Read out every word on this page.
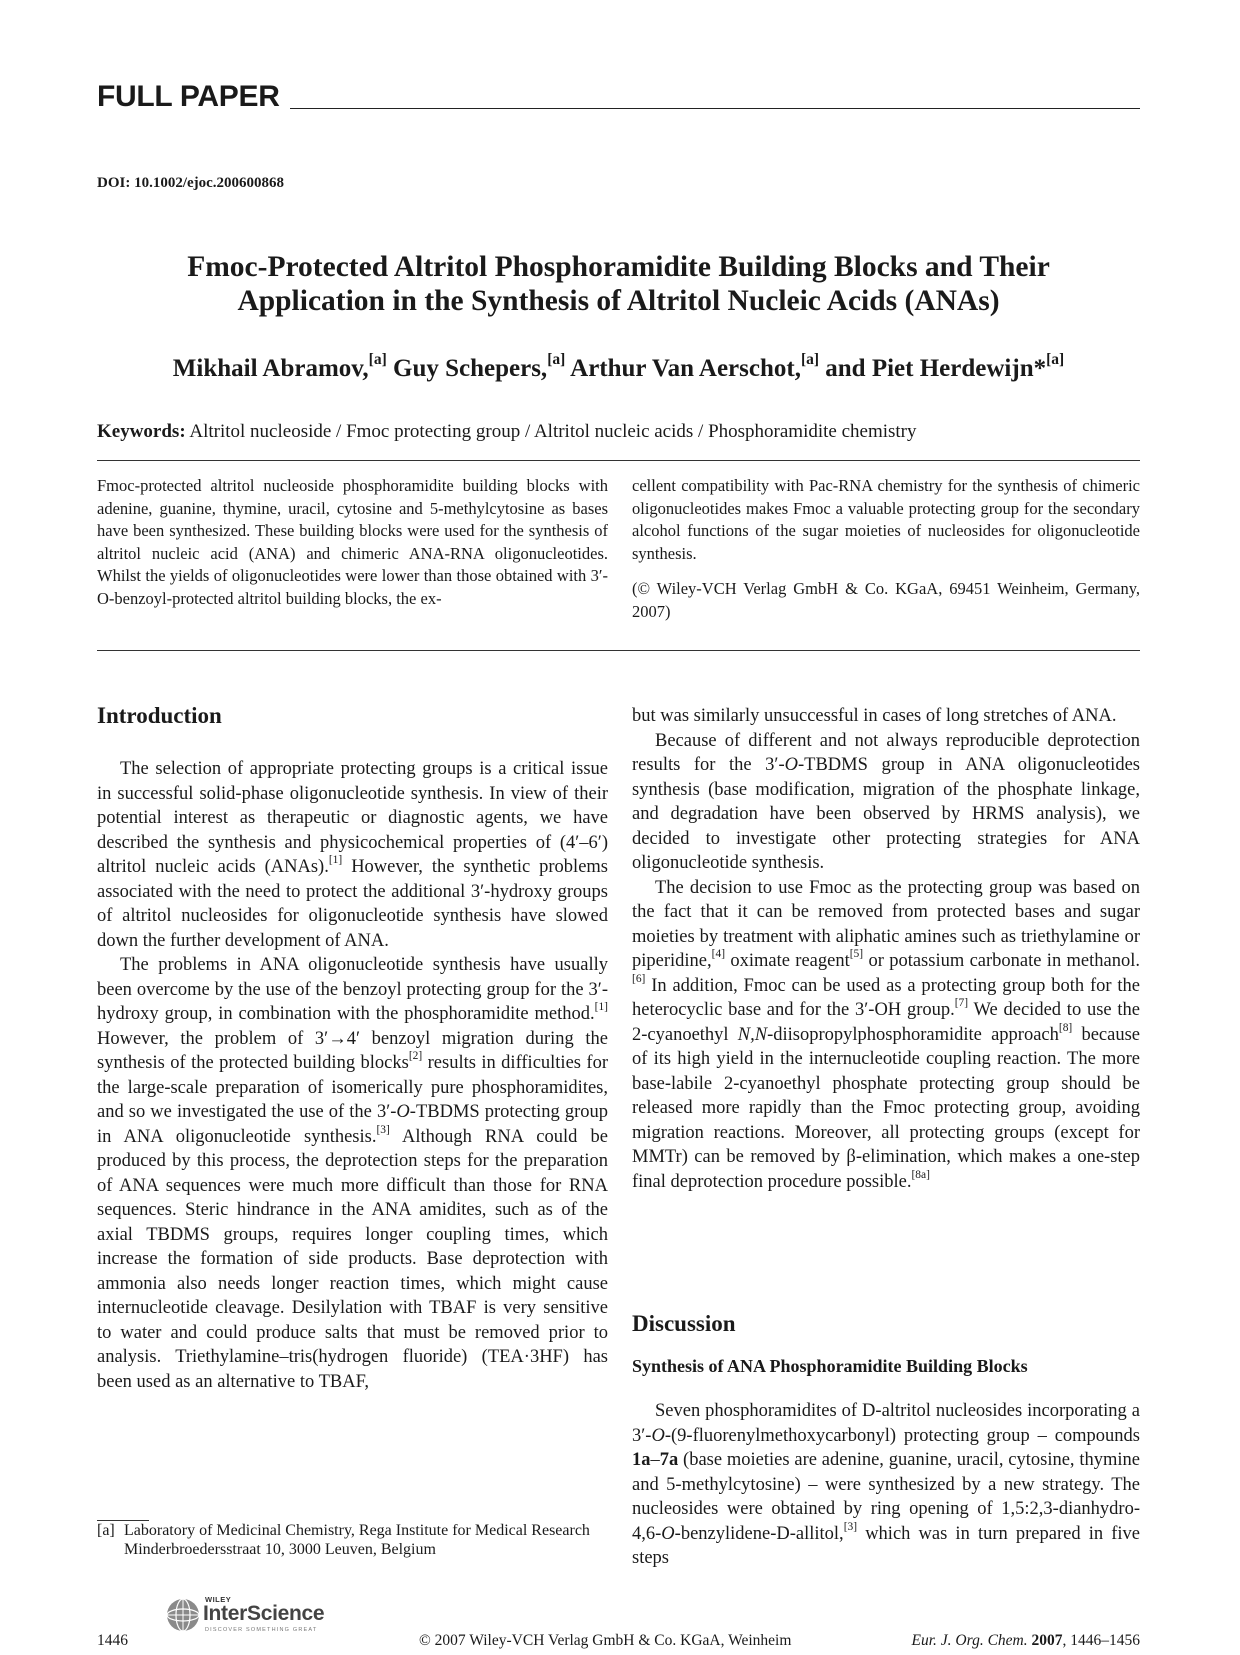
FULL PAPER
DOI: 10.1002/ejoc.200600868
Fmoc-Protected Altritol Phosphoramidite Building Blocks and Their
Application in the Synthesis of Altritol Nucleic Acids (ANAs)
Mikhail Abramov,[a] Guy Schepers,[a] Arthur Van Aerschot,[a] and Piet Herdewijn*[a]
Keywords: Altritol nucleoside / Fmoc protecting group / Altritol nucleic acids / Phosphoramidite chemistry
Fmoc-protected altritol nucleoside phosphoramidite building blocks with adenine, guanine, thymine, uracil, cytosine and 5-methylcytosine as bases have been synthesized. These building blocks were used for the synthesis of altritol nucleic acid (ANA) and chimeric ANA-RNA oligonucleotides. Whilst the yields of oligonucleotides were lower than those obtained with 3′-O-benzoyl-protected altritol building blocks, the ex-

cellent compatibility with Pac-RNA chemistry for the synthesis of chimeric oligonucleotides makes Fmoc a valuable protecting group for the secondary alcohol functions of the sugar moieties of nucleosides for oligonucleotide synthesis.

(© Wiley-VCH Verlag GmbH & Co. KGaA, 69451 Weinheim, Germany, 2007)

Introduction

The selection of appropriate protecting groups is a critical issue in successful solid-phase oligonucleotide synthesis. In view of their potential interest as therapeutic or diagnostic agents, we have described the synthesis and physicochemical properties of (4′–6′) altritol nucleic acids (ANAs).[1] However, the synthetic problems associated with the need to protect the additional 3′-hydroxy groups of altritol nucleosides for oligonucleotide synthesis have slowed down the further development of ANA.

The problems in ANA oligonucleotide synthesis have usually been overcome by the use of the benzoyl protecting group for the 3′-hydroxy group, in combination with the phosphoramidite method.[1] However, the problem of 3′→4′ benzoyl migration during the synthesis of the protected building blocks[2] results in difficulties for the large-scale preparation of isomerically pure phosphoramidites, and so we investigated the use of the 3′-O-TBDMS protecting group in ANA oligonucleotide synthesis.[3] Although RNA could be produced by this process, the deprotection steps for the preparation of ANA sequences were much more difficult than those for RNA sequences. Steric hindrance in the ANA amidites, such as of the axial TBDMS groups, requires longer coupling times, which increase the formation of side products. Base deprotection with ammonia also needs longer reaction times, which might cause internucleotide cleavage. Desilylation with TBAF is very sensitive to water and could produce salts that must be removed prior to analysis. Triethylamine–tris(hydrogen fluoride) (TEA·3HF) has been used as an alternative to TBAF,

but was similarly unsuccessful in cases of long stretches of ANA.

Because of different and not always reproducible deprotection results for the 3′-O-TBDMS group in ANA oligonucleotides synthesis (base modification, migration of the phosphate linkage, and degradation have been observed by HRMS analysis), we decided to investigate other protecting strategies for ANA oligonucleotide synthesis.

The decision to use Fmoc as the protecting group was based on the fact that it can be removed from protected bases and sugar moieties by treatment with aliphatic amines such as triethylamine or piperidine,[4] oximate reagent[5] or potassium carbonate in methanol.[6] In addition, Fmoc can be used as a protecting group both for the heterocyclic base and for the 3′-OH group.[7] We decided to use the 2-cyanoethyl N,N-diisopropylphosphoramidite approach[8] because of its high yield in the internucleotide coupling reaction. The more base-labile 2-cyanoethyl phosphate protecting group should be released more rapidly than the Fmoc protecting group, avoiding migration reactions. Moreover, all protecting groups (except for MMTr) can be removed by β-elimination, which makes a one-step final deprotection procedure possible.[8a]

Discussion
Synthesis of ANA Phosphoramidite Building Blocks

Seven phosphoramidites of D-altritol nucleosides incorporating a 3′-O-(9-fluorenylmethoxycarbonyl) protecting group – compounds 1a–7a (base moieties are adenine, guanine, uracil, cytosine, thymine and 5-methylcytosine) – were synthesized by a new strategy. The nucleosides were obtained by ring opening of 1,5:2,3-dianhydro-4,6-O-benzylidene-D-allitol,[3] which was in turn prepared in five steps

[a] Laboratory of Medicinal Chemistry, Rega Institute for Medical Research
Minderbroedersstraat 10, 3000 Leuven, Belgium
WILEY
InterScience
DISCOVER SOMETHING GREAT
1446	© 2007 Wiley-VCH Verlag GmbH & Co. KGaA, Weinheim	Eur. J. Org. Chem. 2007, 1446–1456
